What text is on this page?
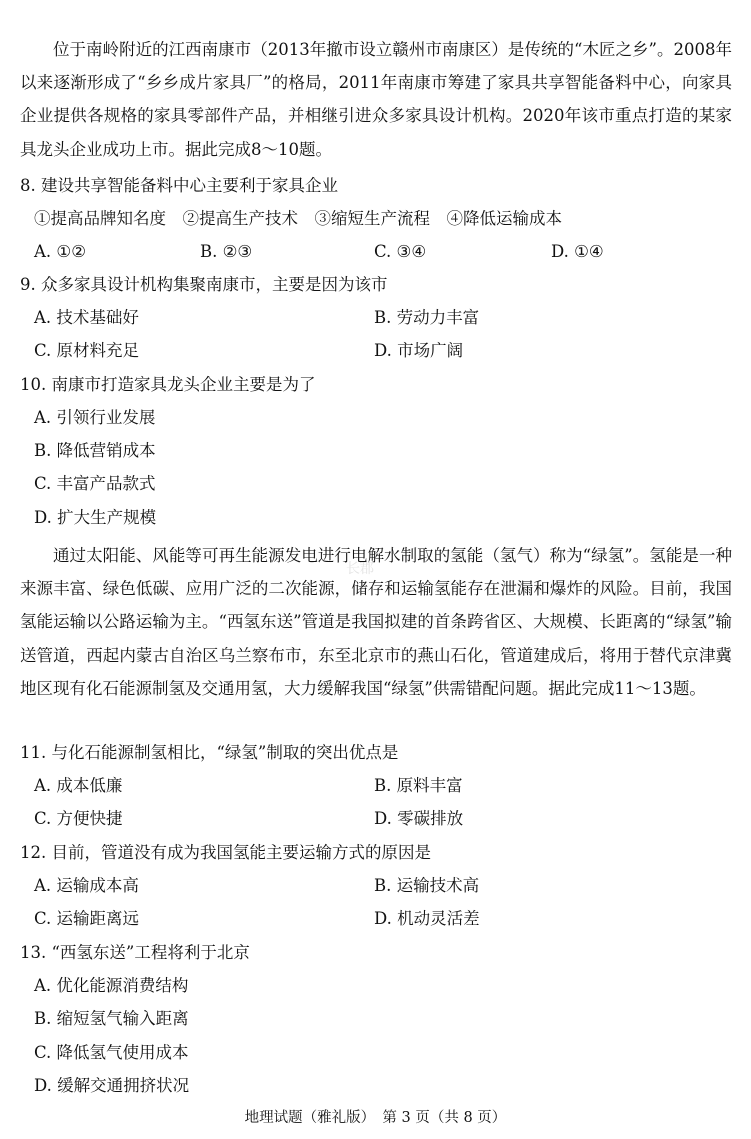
位于南岭附近的江西南康市（2013年撤市设立赣州市南康区）是传统的“木匠之乡”。2008年以来逐渐形成了“乡乡成片家具厂”的格局，2011年南康市筹建了家具共享智能备料中心，向家具企业提供各规格的家具零部件产品，并相继引进众多家具设计机构。2020年该市重点打造的某家具龙头企业成功上市。据此完成8～10题。

8. 建设共享智能备料中心主要利于家具企业
①提高品牌知名度　②提高生产技术　③缩短生产流程　④降低运输成本
A. ①②	B. ②③	C. ③④	D. ①④
9. 众多家具设计机构集聚南康市，主要是因为该市
A. 技术基础好	B. 劳动力丰富
C. 原材料充足	D. 市场广阔
10. 南康市打造家具龙头企业主要是为了
A. 引领行业发展
B. 降低营销成本
C. 丰富产品款式
D. 扩大生产规模

通过太阳能、风能等可再生能源发电进行电解水制取的氢能（氢气）称为“绿氢”。氢能是一种来源丰富、绿色低碳、应用广泛的二次能源，储存和运输氢能存在泄漏和爆炸的风险。目前，我国氢能运输以公路运输为主。“西氢东送”管道是我国拟建的首条跨省区、大规模、长距离的“绿氢”输送管道，西起内蒙古自治区乌兰察布市，东至北京市的燕山石化，管道建成后，将用于替代京津冀地区现有化石能源制氢及交通用氢，大力缓解我国“绿氢”供需错配问题。据此完成11～13题。

长郡
11. 与化石能源制氢相比，“绿氢”制取的突出优点是
A. 成本低廉	B. 原料丰富
C. 方便快捷	D. 零碳排放
12. 目前，管道没有成为我国氢能主要运输方式的原因是
A. 运输成本高	B. 运输技术高
C. 运输距离远	D. 机动灵活差
13. “西氢东送”工程将利于北京
A. 优化能源消费结构
B. 缩短氢气输入距离
C. 降低氢气使用成本
D. 缓解交通拥挤状况
地理试题（雅礼版）　第 3 页（共 8 页）
